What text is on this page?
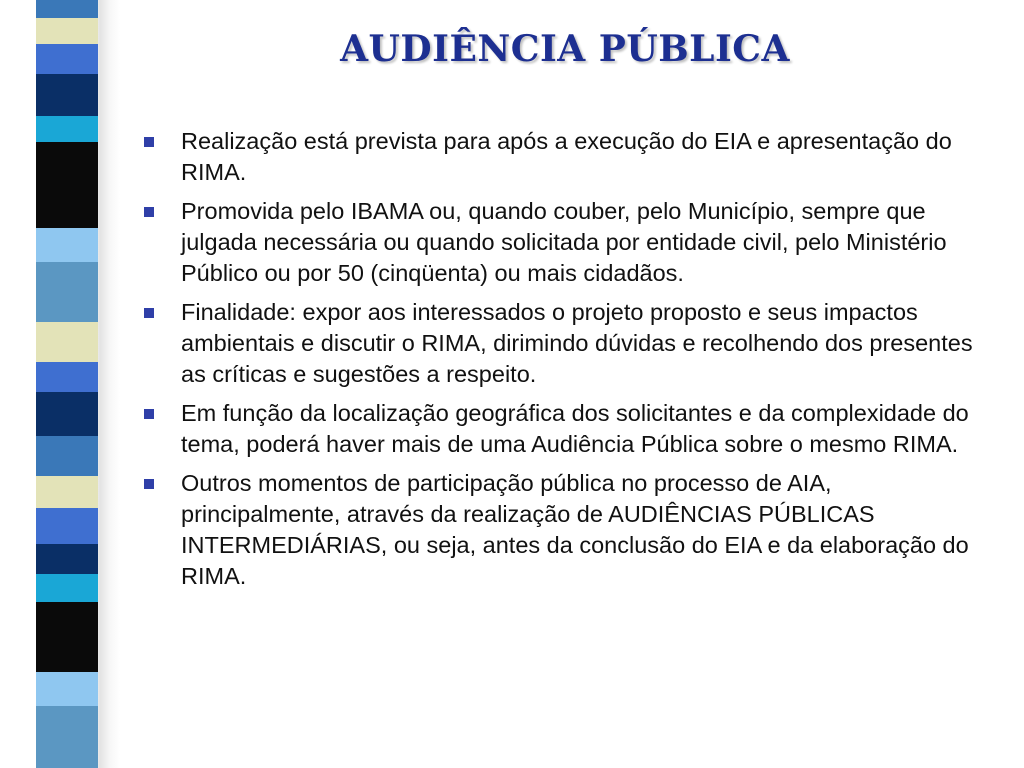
AUDIÊNCIA PÚBLICA
Realização está prevista para após a execução do EIA e apresentação do RIMA.
Promovida pelo IBAMA ou, quando couber, pelo Município, sempre que julgada necessária ou quando solicitada por entidade civil, pelo Ministério Público ou por 50 (cinqüenta) ou mais cidadãos.
Finalidade: expor aos interessados o projeto proposto e seus impactos ambientais e discutir o RIMA, dirimindo dúvidas e recolhendo dos presentes as críticas e sugestões a respeito.
Em função da localização geográfica dos solicitantes e da complexidade do tema, poderá haver mais de uma Audiência Pública sobre o mesmo RIMA.
Outros momentos de participação pública no processo de AIA, principalmente, através da realização de AUDIÊNCIAS PÚBLICAS INTERMEDIÁRIAS, ou seja, antes da conclusão do EIA e da elaboração do RIMA.
